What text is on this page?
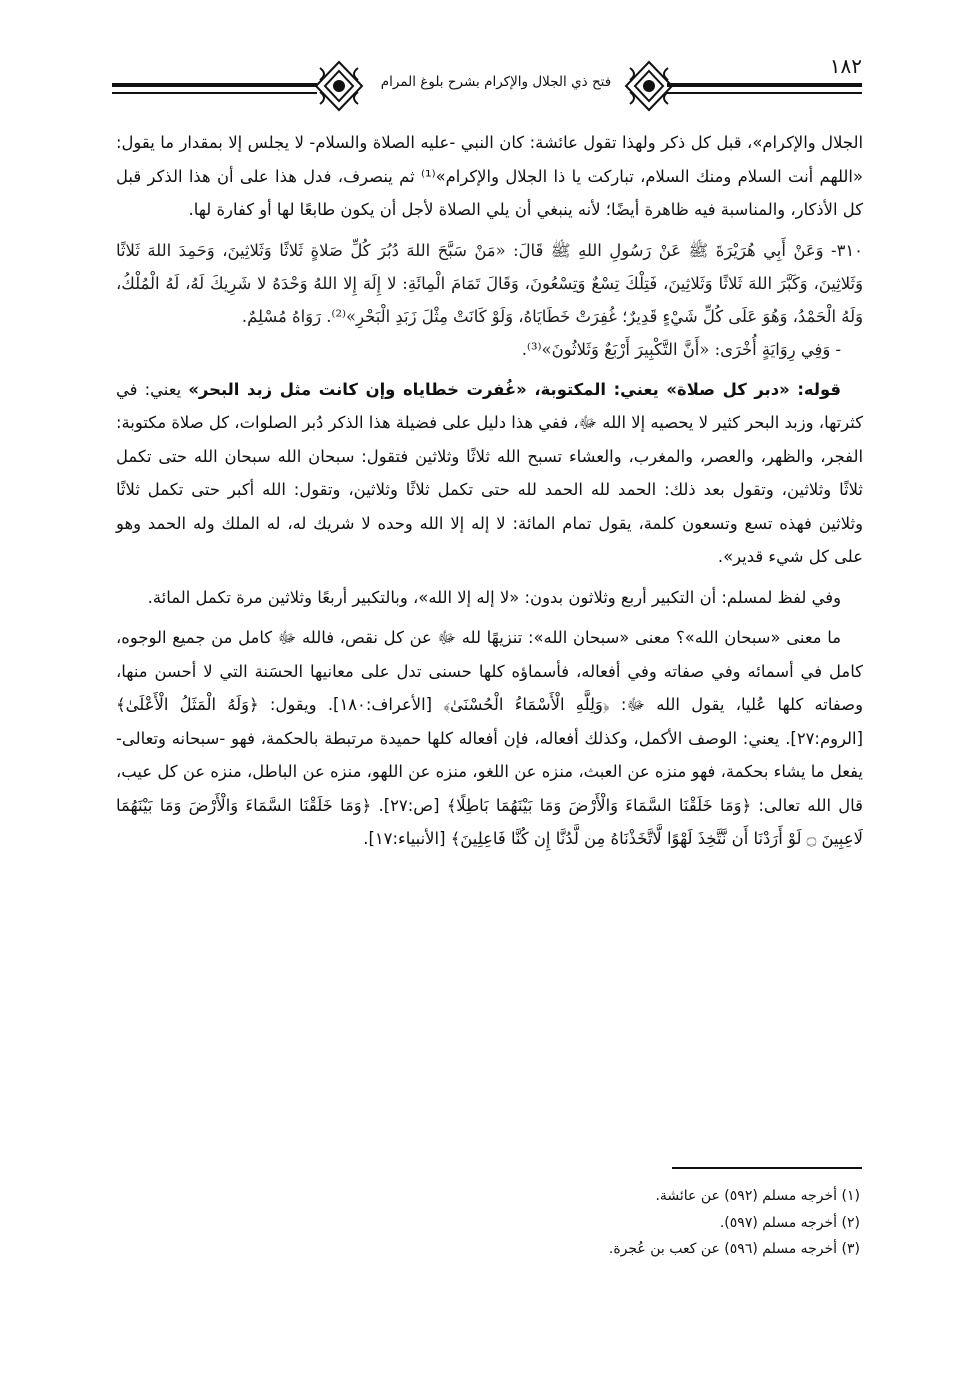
فتح ذي الجلال والإكرام بشرح بلوغ المرام
١٨٢

الجلال والإكرام»، قبل كل ذكر ولهذا تقول عائشة: كان النبي -عليه الصلاة والسلام- لا يجلس إلا بمقدار ما يقول: «اللهم أنت السلام ومنك السلام، تباركت يا ذا الجلال والإكرام»⁽¹⁾ ثم ينصرف، فدل هذا على أن هذا الذكر قبل كل الأذكار، والمناسبة فيه ظاهرة أيضًا؛ لأنه ينبغي أن يلي الصلاة لأجل أن يكون طابعًا لها أو كفارة لها.

٣١٠- وَعَنْ أَبِي هُرَيْرَةَ ﷺ عَنْ رَسُولِ اللهِ ﷺ قَالَ: «مَنْ سَبَّحَ اللهَ دُبُرَ كُلِّ صَلاةٍ ثَلاثًا وَثَلاثِينَ، وَحَمِدَ اللهَ ثَلاثًا وَثَلاثِينَ، وَكَبَّرَ اللهَ ثَلاثًا وَثَلاثِينَ، فَتِلْكَ تِسْعٌ وَتِسْعُونَ، وَقَالَ تَمَامَ الْمِائَةِ: لا إِلَهَ إِلا اللهُ وَحْدَهُ لا شَرِيكَ لَهُ، لَهُ الْمُلْكُ، وَلَهُ الْحَمْدُ، وَهُوَ عَلَى كُلِّ شَيْءٍ قَدِيرٌ؛ غُفِرَتْ خَطَايَاهُ، وَلَوْ كَانَتْ مِثْلَ زَبَدِ الْبَحْرِ»⁽²⁾. رَوَاهُ مُسْلِمٌ.

- وَفِي رِوَايَةٍ أُخْرَى: «أَنَّ التَّكْبِيرَ أَرْبَعٌ وَثَلاثُونَ»⁽³⁾.

قوله: «دبر كل صلاة» يعني: المكتوبة، «غُفرت خطاياه وإن كانت مثل زبد البحر» يعني: في كثرتها، وزبد البحر كثير لا يحصيه إلا الله ﷻ، ففي هذا دليل على فضيلة هذا الذكر دُبر الصلوات، كل صلاة مكتوبة: الفجر، والظهر، والعصر، والمغرب، والعشاء تسبح الله ثلاثًا وثلاثين فتقول: سبحان الله سبحان الله حتى تكمل ثلاثًا وثلاثين، وتقول بعد ذلك: الحمد لله الحمد لله حتى تكمل ثلاثًا وثلاثين، وتقول: الله أكبر حتى تكمل ثلاثًا وثلاثين فهذه تسع وتسعون كلمة، يقول تمام المائة: لا إله إلا الله وحده لا شريك له، له الملك وله الحمد وهو على كل شيء قدير».

وفي لفظ لمسلم: أن التكبير أربع وثلاثون بدون: «لا إله إلا الله»، وبالتكبير أربعًا وثلاثين مرة تكمل المائة.

ما معنى «سبحان الله»؟ معنى «سبحان الله»: تنزيهًا لله ﷻ عن كل نقص، فالله ﷻ كامل من جميع الوجوه، كامل في أسمائه وفي صفاته وفي أفعاله، فأسماؤه كلها حسنى تدل على معانيها الحسَنة التي لا أحسن منها، وصفاته كلها عُليا، يقول الله ﷻ: ﴿وَلِلَّهِ الْأَسْمَاءُ الْحُسْنَىٰ﴾ [الأعراف:١٨٠]. ويقول: ﴿وَلَهُ الْمَثَلُ الْأَعْلَىٰ﴾ [الروم:٢٧]. يعني: الوصف الأكمل، وكذلك أفعاله، فإن أفعاله كلها حميدة مرتبطة بالحكمة، فهو -سبحانه وتعالى- يفعل ما يشاء بحكمة، فهو منزه عن العبث، منزه عن اللغو، منزه عن اللهو، منزه عن الباطل، منزه عن كل عيب، قال الله تعالى: ﴿وَمَا خَلَقْنَا السَّمَاءَ وَالْأَرْضَ وَمَا بَيْنَهُمَا بَاطِلًا﴾ [ص:٢٧]. ﴿وَمَا خَلَقْنَا السَّمَاءَ وَالْأَرْضَ وَمَا بَيْنَهُمَا لَاعِبِينَ ۝ لَوْ أَرَدْنَا أَن نَّتَّخِذَ لَهْوًا لَّاتَّخَذْنَاهُ مِن لَّدُنَّا إِن كُنَّا فَاعِلِينَ﴾ [الأنبياء:١٧].

(١) أخرجه مسلم (٥٩٢) عن عائشة.
(٢) أخرجه مسلم (٥٩٧).
(٣) أخرجه مسلم (٥٩٦) عن كعب بن عُجرة.
